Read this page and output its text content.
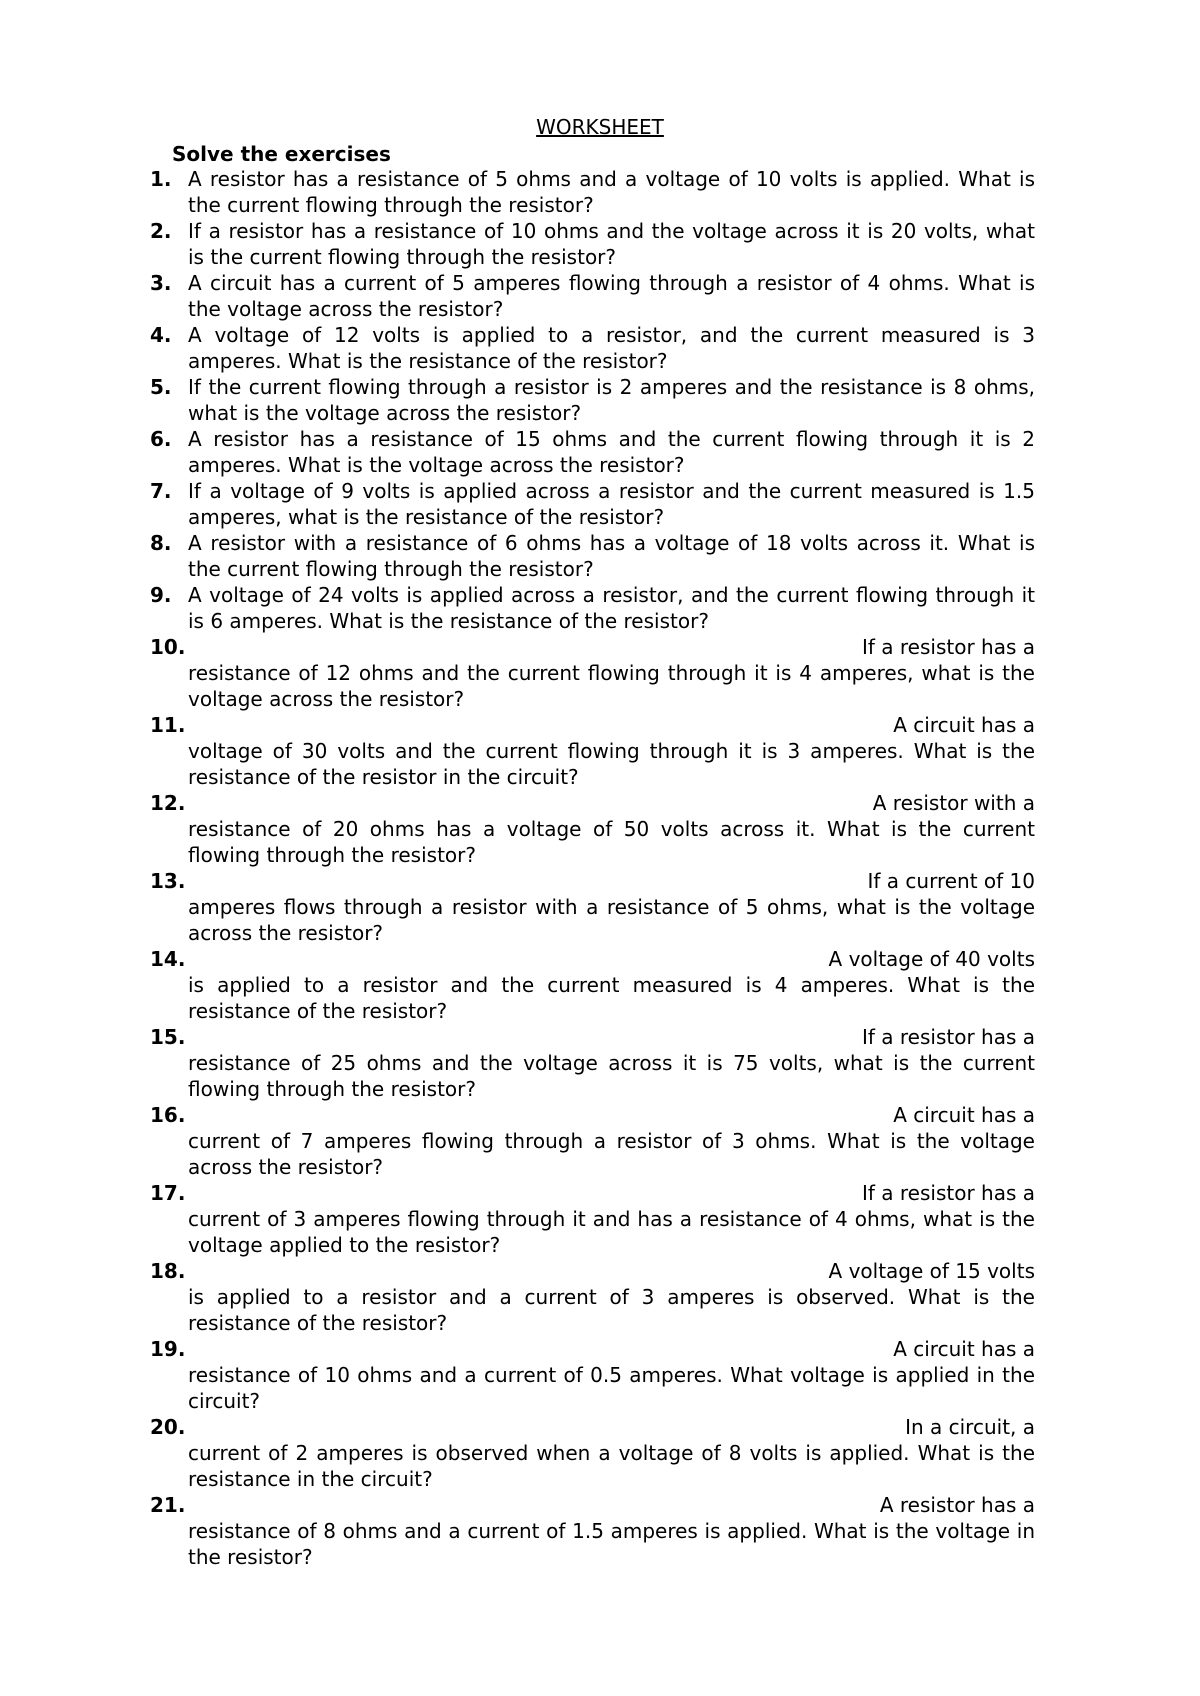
WORKSHEET
Solve the exercises
1. A resistor has a resistance of 5 ohms and a voltage of 10 volts is applied. What is the current flowing through the resistor?
2. If a resistor has a resistance of 10 ohms and the voltage across it is 20 volts, what is the current flowing through the resistor?
3. A circuit has a current of 5 amperes flowing through a resistor of 4 ohms. What is the voltage across the resistor?
4. A voltage of 12 volts is applied to a resistor, and the current measured is 3 amperes. What is the resistance of the resistor?
5. If the current flowing through a resistor is 2 amperes and the resistance is 8 ohms, what is the voltage across the resistor?
6. A resistor has a resistance of 15 ohms and the current flowing through it is 2 amperes. What is the voltage across the resistor?
7. If a voltage of 9 volts is applied across a resistor and the current measured is 1.5 amperes, what is the resistance of the resistor?
8. A resistor with a resistance of 6 ohms has a voltage of 18 volts across it. What is the current flowing through the resistor?
9. A voltage of 24 volts is applied across a resistor, and the current flowing through it is 6 amperes. What is the resistance of the resistor?
10.	If a resistor has a
resistance of 12 ohms and the current flowing through it is 4 amperes, what is the voltage across the resistor?
11.	A circuit has a
voltage of 30 volts and the current flowing through it is 3 amperes. What is the resistance of the resistor in the circuit?
12.	A resistor with a
resistance of 20 ohms has a voltage of 50 volts across it. What is the current flowing through the resistor?
13.	If a current of 10
amperes flows through a resistor with a resistance of 5 ohms, what is the voltage across the resistor?
14.	A voltage of 40 volts
is applied to a resistor and the current measured is 4 amperes. What is the resistance of the resistor?
15.	If a resistor has a
resistance of 25 ohms and the voltage across it is 75 volts, what is the current flowing through the resistor?
16.	A circuit has a
current of 7 amperes flowing through a resistor of 3 ohms. What is the voltage across the resistor?
17.	If a resistor has a
current of 3 amperes flowing through it and has a resistance of 4 ohms, what is the voltage applied to the resistor?
18.	A voltage of 15 volts
is applied to a resistor and a current of 3 amperes is observed. What is the resistance of the resistor?
19.	A circuit has a
resistance of 10 ohms and a current of 0.5 amperes. What voltage is applied in the circuit?
20.	In a circuit, a
current of 2 amperes is observed when a voltage of 8 volts is applied. What is the resistance in the circuit?
21.	A resistor has a
resistance of 8 ohms and a current of 1.5 amperes is applied. What is the voltage in the resistor?
